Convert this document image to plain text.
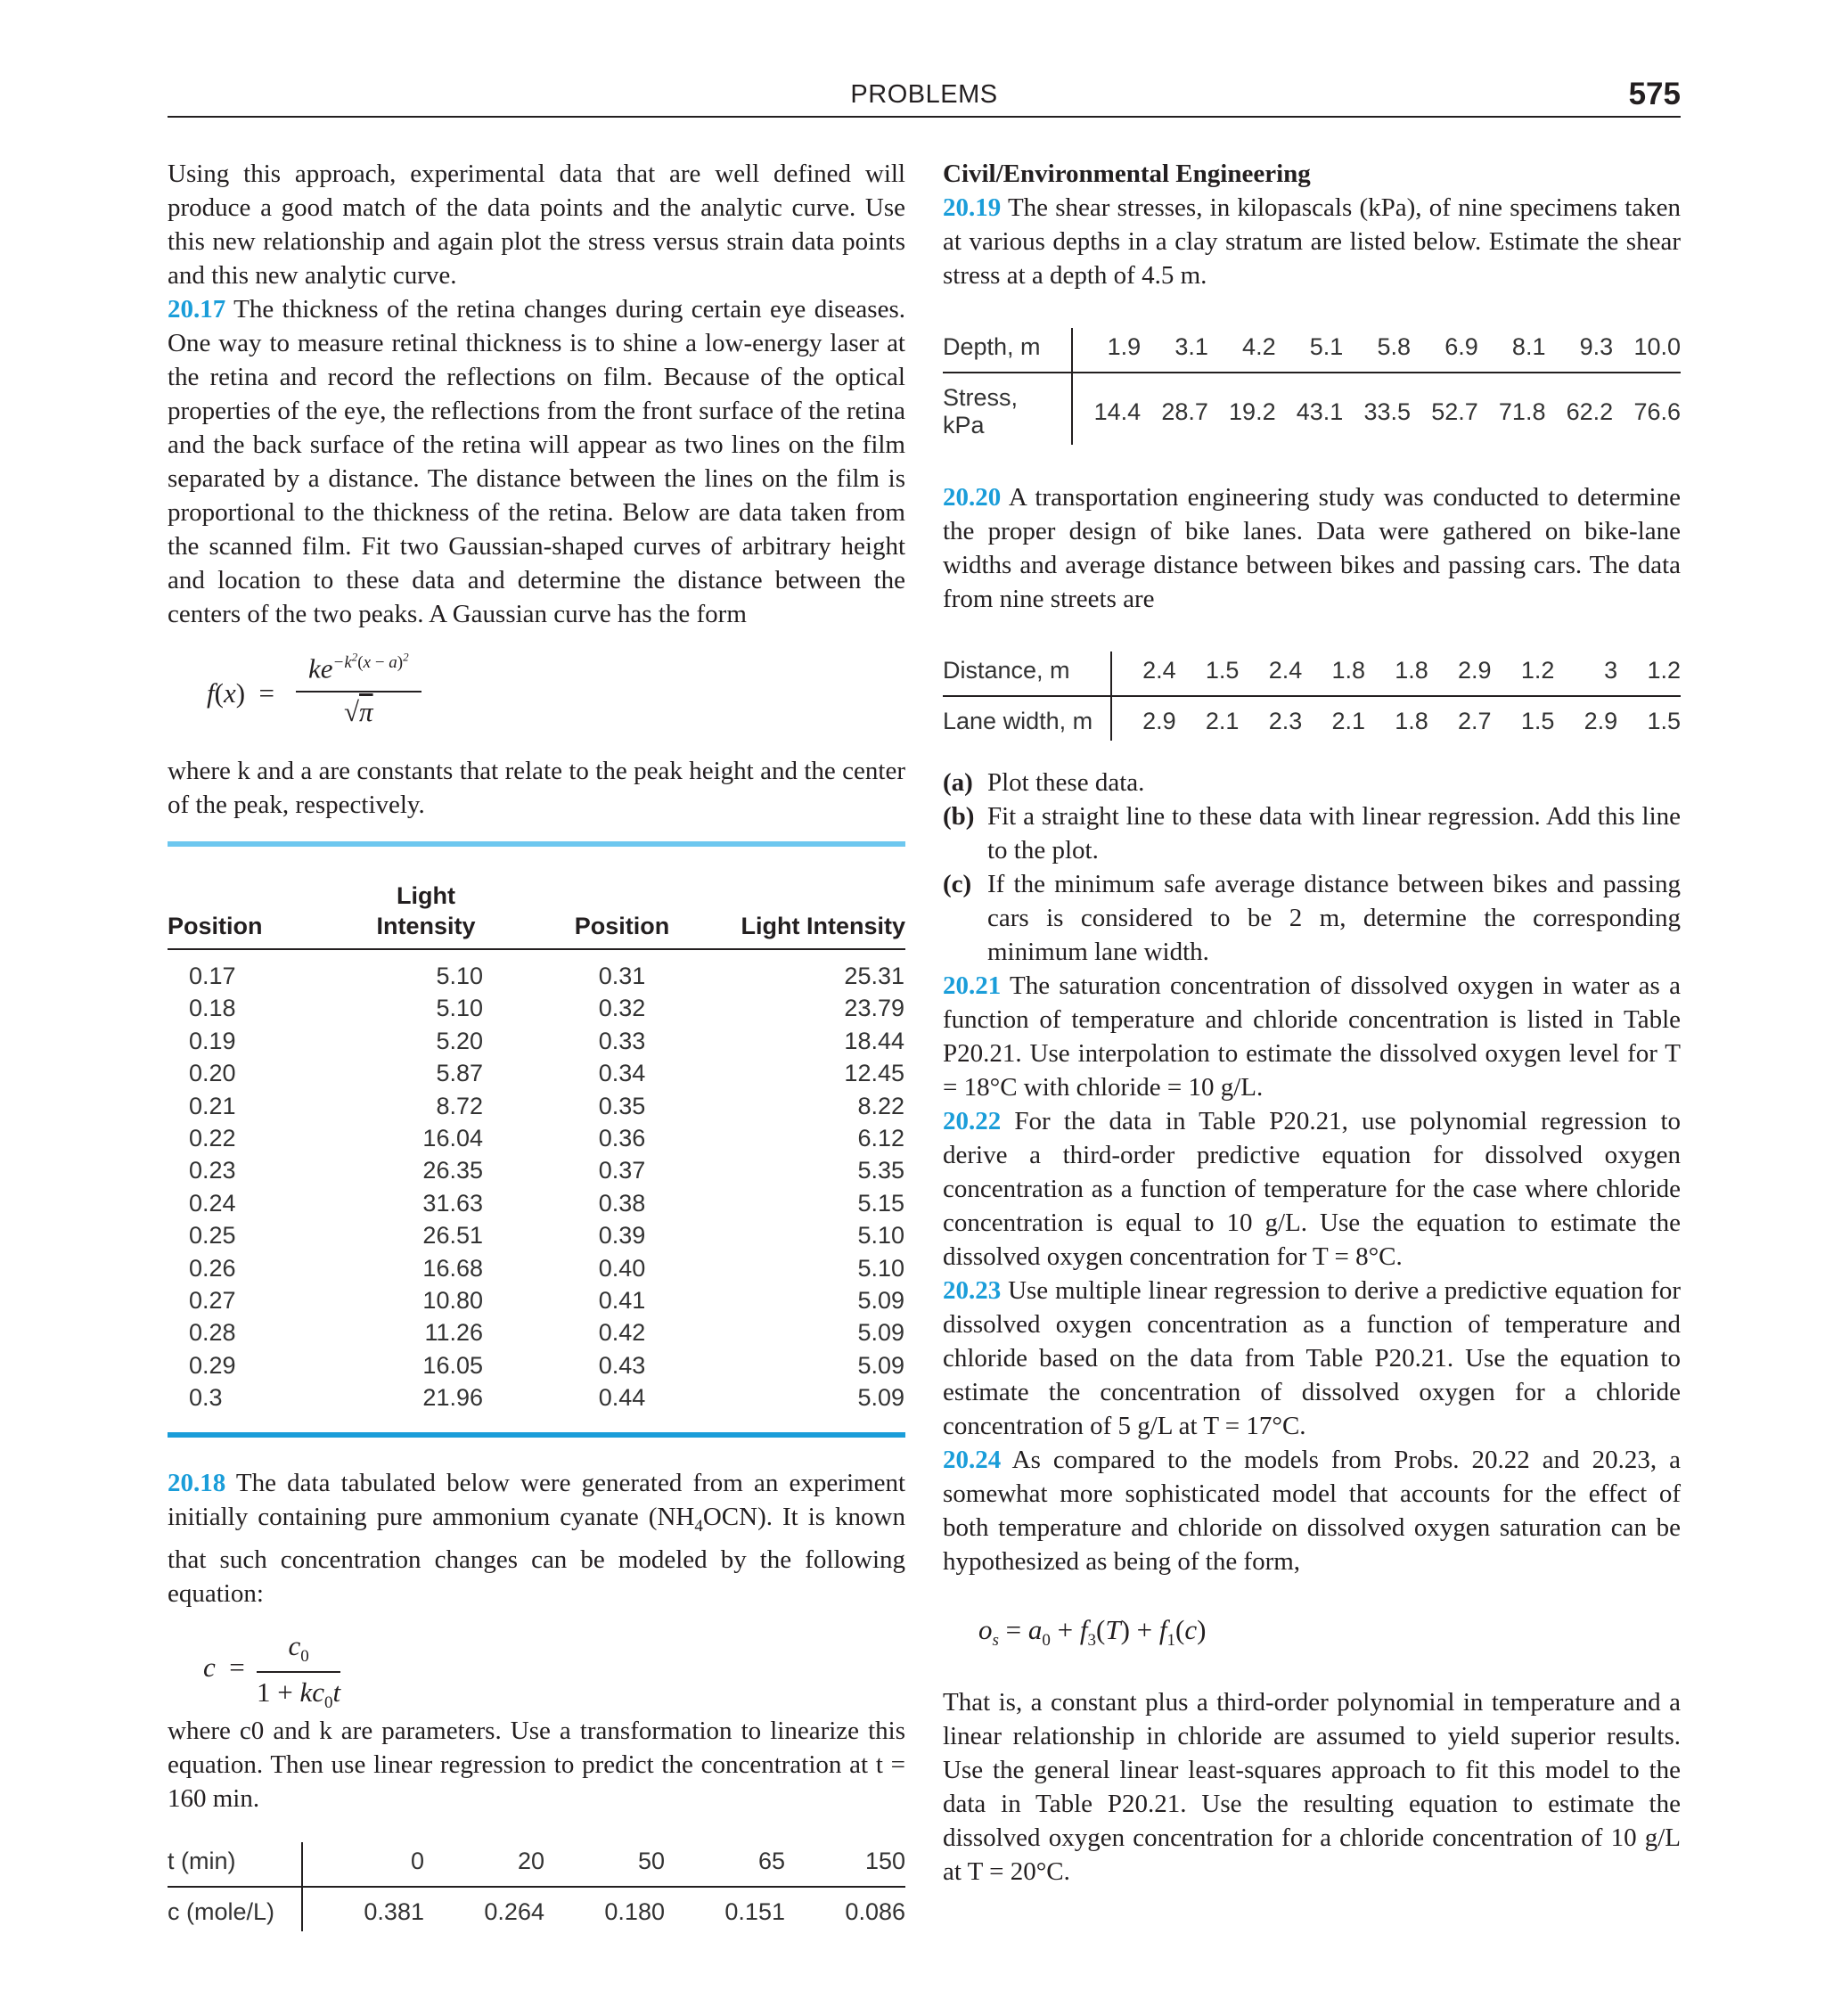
PROBLEMS	575

Using this approach, experimental data that are well defined will produce a good match of the data points and the analytic curve. Use this new relationship and again plot the stress versus strain data points and this new analytic curve.

20.17 The thickness of the retina changes during certain eye diseases. One way to measure retinal thickness is to shine a low-energy laser at the retina and record the reflections on film. Because of the optical properties of the eye, the reflections from the front surface of the retina and the back surface of the retina will appear as two lines on the film separated by a distance. The distance between the lines on the film is proportional to the thickness of the retina. Below are data taken from the scanned film. Fit two Gaussian-shaped curves of arbitrary height and location to these data and determine the distance between the centers of the two peaks. A Gaussian curve has the form

$f(x) = \frac{ke^{-k^2(x - a)^2}}{√\pi}$

where k and a are constants that relate to the peak height and the center of the peak, respectively.

Position	Light Intensity	Position	Light Intensity
0.17	5.10	0.31	25.31
0.18	5.10	0.32	23.79
0.19	5.20	0.33	18.44
0.20	5.87	0.34	12.45
0.21	8.72	0.35	8.22
0.22	16.04	0.36	6.12
0.23	26.35	0.37	5.35
0.24	31.63	0.38	5.15
0.25	26.51	0.39	5.10
0.26	16.68	0.40	5.10
0.27	10.80	0.41	5.09
0.28	11.26	0.42	5.09
0.29	16.05	0.43	5.09
0.3	21.96	0.44	5.09

20.18 The data tabulated below were generated from an experiment initially containing pure ammonium cyanate $(NH_4OCN)$. It is known that such concentration changes can be modeled by the following equation:

$c = \frac{c_0}{1 + kc_0t}$

where c0 and k are parameters. Use a transformation to linearize this equation. Then use linear regression to predict the concentration at t = 160 min.

t (min)	0	20	50	65	150
c (mole/L)	0.381	0.264	0.180	0.151	0.086
Civil/Environmental Engineering

20.19 The shear stresses, in kilopascals (kPa), of nine specimens taken at various depths in a clay stratum are listed below. Estimate the shear stress at a depth of 4.5 m.

Depth, m	1.9	3.1	4.2	5.1	5.8	6.9	8.1	9.3	10.0
Stress, kPa	14.4	28.7	19.2	43.1	33.5	52.7	71.8	62.2	76.6

20.20 A transportation engineering study was conducted to determine the proper design of bike lanes. Data were gathered on bike-lane widths and average distance between bikes and passing cars. The data from nine streets are

Distance, m	2.4	1.5	2.4	1.8	1.8	2.9	1.2	3	1.2
Lane width, m	2.9	2.1	2.3	2.1	1.8	2.7	1.5	2.9	1.5
(a) Plot these data.
(b) Fit a straight line to these data with linear regression. Add this line to the plot.
(c) If the minimum safe average distance between bikes and passing cars is considered to be 2 m, determine the corresponding minimum lane width.

20.21 The saturation concentration of dissolved oxygen in water as a function of temperature and chloride concentration is listed in Table P20.21. Use interpolation to estimate the dissolved oxygen level for T = 18°C with chloride = 10 g/L.

20.22 For the data in Table P20.21, use polynomial regression to derive a third-order predictive equation for dissolved oxygen concentration as a function of temperature for the case where chloride concentration is equal to 10 g/L. Use the equation to estimate the dissolved oxygen concentration for T = 8°C.

20.23 Use multiple linear regression to derive a predictive equation for dissolved oxygen concentration as a function of temperature and chloride based on the data from Table P20.21. Use the equation to estimate the concentration of dissolved oxygen for a chloride concentration of 5 g/L at T = 17°C.

20.24 As compared to the models from Probs. 20.22 and 20.23, a somewhat more sophisticated model that accounts for the effect of both temperature and chloride on dissolved oxygen saturation can be hypothesized as being of the form,

$o_s = a_0 + f_3(T) + f_1(c)$

That is, a constant plus a third-order polynomial in temperature and a linear relationship in chloride are assumed to yield superior results. Use the general linear least-squares approach to fit this model to the data in Table P20.21. Use the resulting equation to estimate the dissolved oxygen concentration for a chloride concentration of 10 g/L at T = 20°C.
